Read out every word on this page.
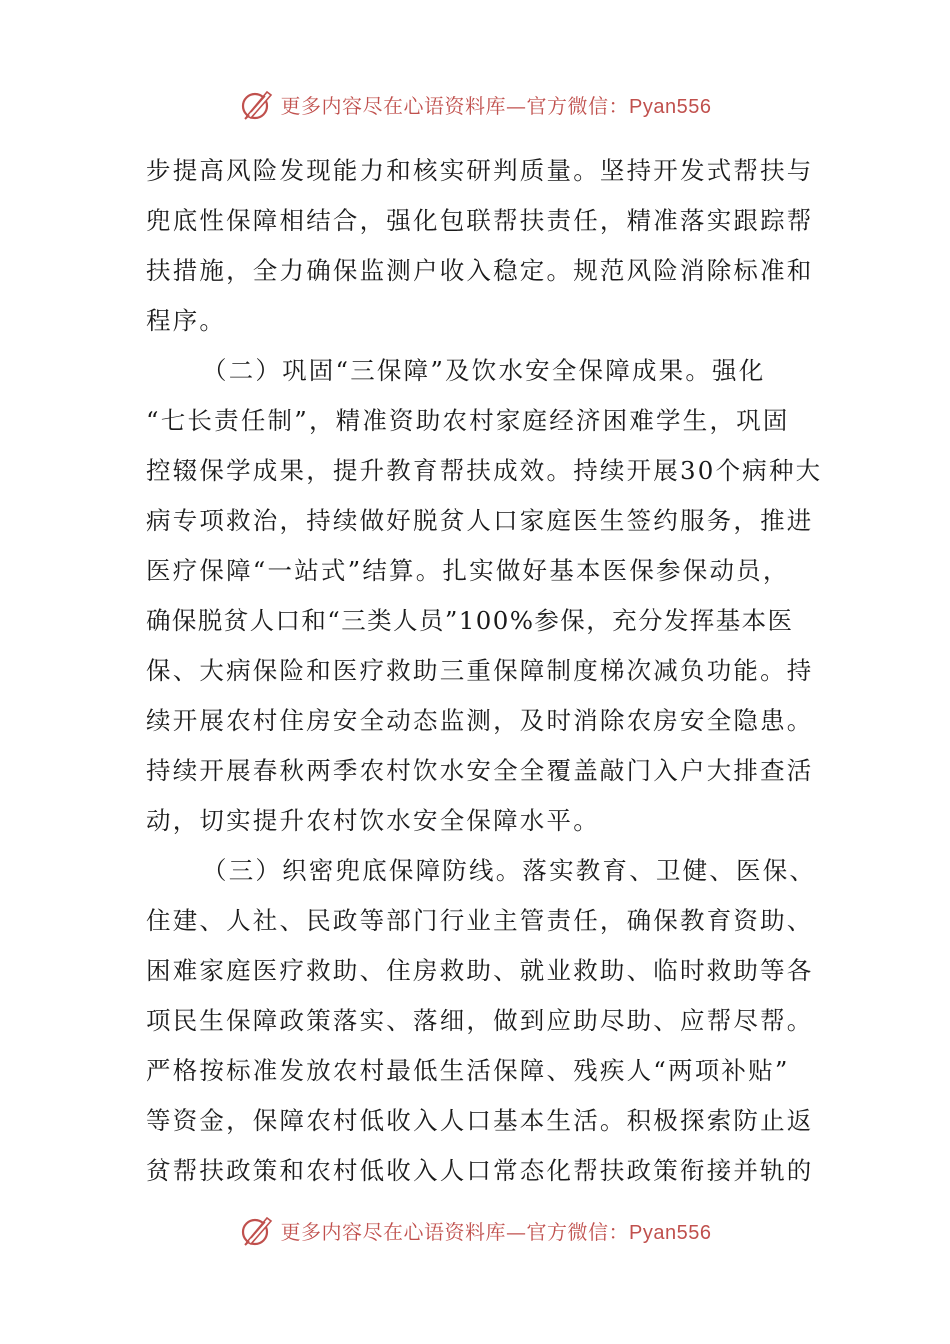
更多内容尽在心语资料库—官方微信：Pyan556
步提高风险发现能力和核实研判质量。坚持开发式帮扶与
兜底性保障相结合，强化包联帮扶责任，精准落实跟踪帮
扶措施，全力确保监测户收入稳定。规范风险消除标准和
程序。
（二）巩固“三保障”及饮水安全保障成果。强化
“七长责任制”，精准资助农村家庭经济困难学生，巩固
控辍保学成果，提升教育帮扶成效。持续开展30个病种大
病专项救治，持续做好脱贫人口家庭医生签约服务，推进
医疗保障“一站式”结算。扎实做好基本医保参保动员，
确保脱贫人口和“三类人员”100%参保，充分发挥基本医
保、大病保险和医疗救助三重保障制度梯次减负功能。持
续开展农村住房安全动态监测，及时消除农房安全隐患。
持续开展春秋两季农村饮水安全全覆盖敲门入户大排查活
动，切实提升农村饮水安全保障水平。
（三）织密兜底保障防线。落实教育、卫健、医保、
住建、人社、民政等部门行业主管责任，确保教育资助、
困难家庭医疗救助、住房救助、就业救助、临时救助等各
项民生保障政策落实、落细，做到应助尽助、应帮尽帮。
严格按标准发放农村最低生活保障、残疾人“两项补贴”
等资金，保障农村低收入人口基本生活。积极探索防止返
贫帮扶政策和农村低收入人口常态化帮扶政策衔接并轨的
更多内容尽在心语资料库—官方微信：Pyan556
